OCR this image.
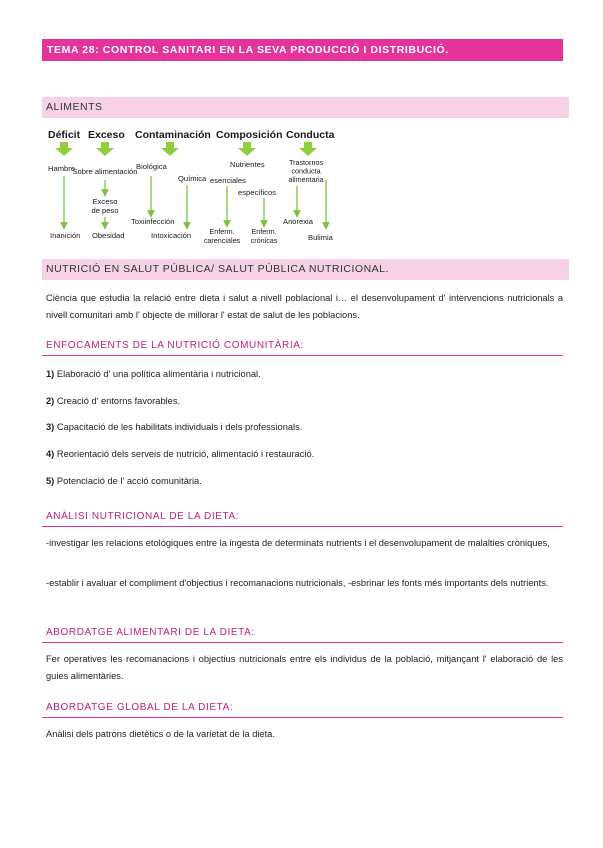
TEMA 28: CONTROL SANITARI EN LA SEVA PRODUCCIÓ I DISTRIBUCIÓ.
ALIMENTS
Déficit Exceso Contaminación Composición Conducta
Hambre
Inanición
Sobre alimentación
Exceso de peso
Obesidad
Biológica
Química
Toxiinfección
Intoxicación
Nutrientes
esenciales
específicos
Enferm. carenciales
Enferm. crónicas
Trastornos conducta alimentaria
Anorexia
Bulimia
NUTRICIÓ EN SALUT PÚBLICA/ SALUT PÚBLICA NUTRICIONAL.

Ciència que estudia la relació entre dieta i salut a nivell poblacional i… el desenvolupament d' intervencions nutricionals a nivell comunitari amb l' objecte de millorar l' estat de salut de les poblacions.

ENFOCAMENTS DE LA NUTRICIÓ COMUNITÀRIA:

1) Elaboració d' una política alimentària i nutricional.

2) Creació d' entorns favorables.

3) Capacitació de les habilitats individuals i dels professionals.

4) Reorientació dels serveis de nutrició, alimentació i restauració.

5) Potenciació de l' acció comunitària.

ANÀLISI NUTRICIONAL DE LA DIETA:

-investigar les relacions etològiques entre la ingesta de determinats nutrients i el desenvolupament de malalties cròniques,

-establir i avaluar el compliment d'objectius i recomanacions nutricionals, -esbrinar les fonts més importants dels nutrients.

ABORDATGE ALIMENTARI DE LA DIETA:

Fer operatives les recomanacions i objectius nutricionals entre els individus de la població, mitjançant l' elaboració de les guies alimentàries.

ABORDATGE GLOBAL DE LA DIETA:

Anàlisi dels patrons dietètics o de la varietat de la dieta.
